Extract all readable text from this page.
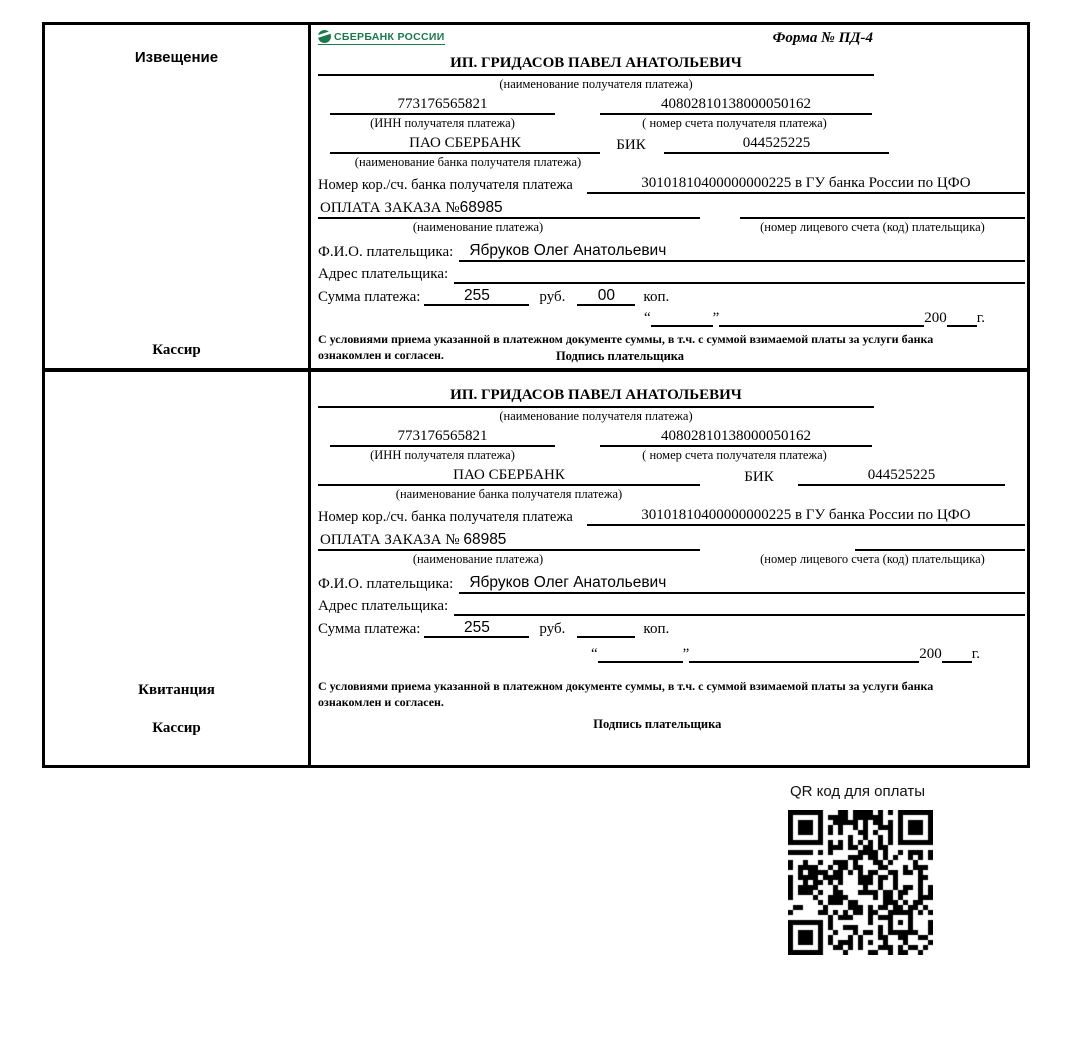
Извещение
Кассир
СБЕРБАНК РОССИИ	Форма № ПД-4
ИП. ГРИДАСОВ ПАВЕЛ АНАТОЛЬЕВИЧ
(наименование получателя платежа)
773176565821	40802810138000050162
(ИНН получателя платежа)	( номер счета получателя платежа)
ПАО СБЕРБАНК	БИК	044525225
(наименование банка получателя платежа)
Номер кор./сч. банка получателя платежа	30101810400000000225 в ГУ банка России по ЦФО
ОПЛАТА ЗАКАЗА №68985
(наименование платежа)	(номер лицевого счета (код) плательщика)
Ф.И.О. плательщика:	Ябруков Олег Анатольевич
Адрес плательщика:
Сумма платежа:	255	руб.	00	коп.
“	”	200 г.
С условиями приема указанной в платежном документе суммы, в т.ч. с суммой взимаемой платы за услуги банка
ознакомлен и согласен.	Подпись плательщика
Квитанция
Кассир
ИП. ГРИДАСОВ ПАВЕЛ АНАТОЛЬЕВИЧ
(наименование получателя платежа)
773176565821	40802810138000050162
(ИНН получателя платежа)	( номер счета получателя платежа)
ПАО СБЕРБАНК	БИК	044525225
(наименование банка получателя платежа)
Номер кор./сч. банка получателя платежа	30101810400000000225 в ГУ банка России по ЦФО
ОПЛАТА ЗАКАЗА № 68985
(наименование платежа)	(номер лицевого счета (код) плательщика)
Ф.И.О. плательщика:	Ябруков Олег Анатольевич
Адрес плательщика:
Сумма платежа:	255	руб.	коп.
“	”	200 г.
С условиями приема указанной в платежном документе суммы, в т.ч. с суммой взимаемой платы за услуги банка
ознакомлен и согласен.
Подпись плательщика
QR код для оплаты
